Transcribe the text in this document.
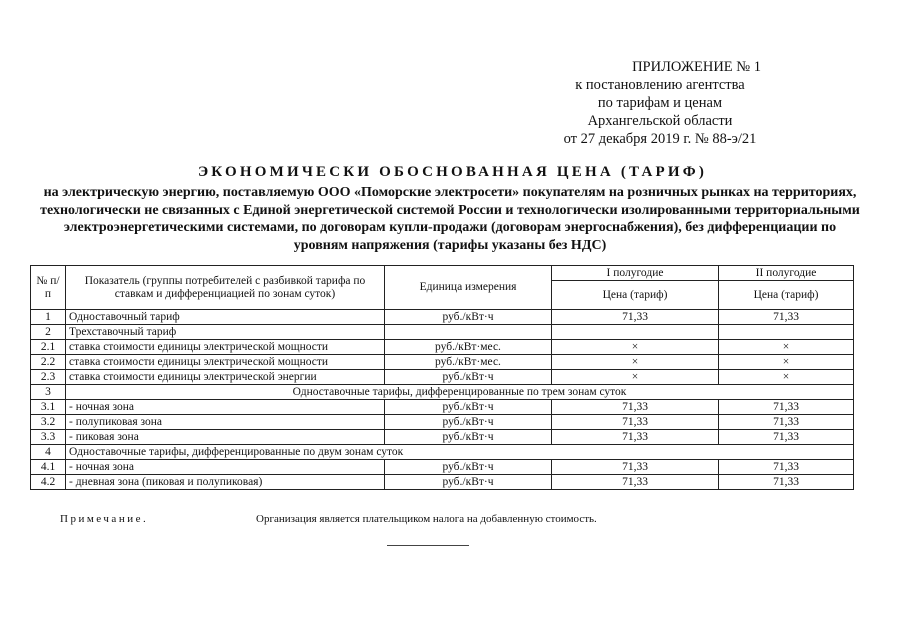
ПРИЛОЖЕНИЕ № 1
к постановлению агентства
по тарифам и ценам
Архангельской области
от 27 декабря 2019 г. № 88-э/21
ЭКОНОМИЧЕСКИ ОБОСНОВАННАЯ ЦЕНА (ТАРИФ)
на электрическую энергию, поставляемую ООО «Поморские электросети» покупателям на розничных рынках на территориях, технологически не связанных с Единой энергетической системой России и технологически изолированными территориальными электроэнергетическими системами, по договорам купли-продажи (договорам энергоснабжения), без дифференциации по уровням напряжения (тарифы указаны без НДС)
№ п/п	Показатель (группы потребителей с разбивкой тарифа по ставкам и дифференциацией по зонам суток)	Единица измерения	I полугодие	II полугодие
			Цена (тариф)	Цена (тариф)
1	Одноставочный тариф	руб./кВт·ч	71,33	71,33
2	Трехставочный тариф			
2.1	ставка стоимости единицы электрической мощности	руб./кВт·мес.	×	×
2.2	ставка стоимости единицы электрической мощности	руб./кВт·мес.	×	×
2.3	ставка стоимости единицы электрической энергии	руб./кВт·ч	×	×
3	Одноставочные тарифы, дифференцированные по трем зонам суток			
3.1	- ночная зона	руб./кВт·ч	71,33	71,33
3.2	- полупиковая зона	руб./кВт·ч	71,33	71,33
3.3	- пиковая зона	руб./кВт·ч	71,33	71,33
4	Одноставочные тарифы, дифференцированные по двум зонам суток			
4.1	- ночная зона	руб./кВт·ч	71,33	71,33
4.2	- дневная зона (пиковая и полупиковая)	руб./кВт·ч	71,33	71,33
Примечание.	Организация является плательщиком налога на добавленную стоимость.
